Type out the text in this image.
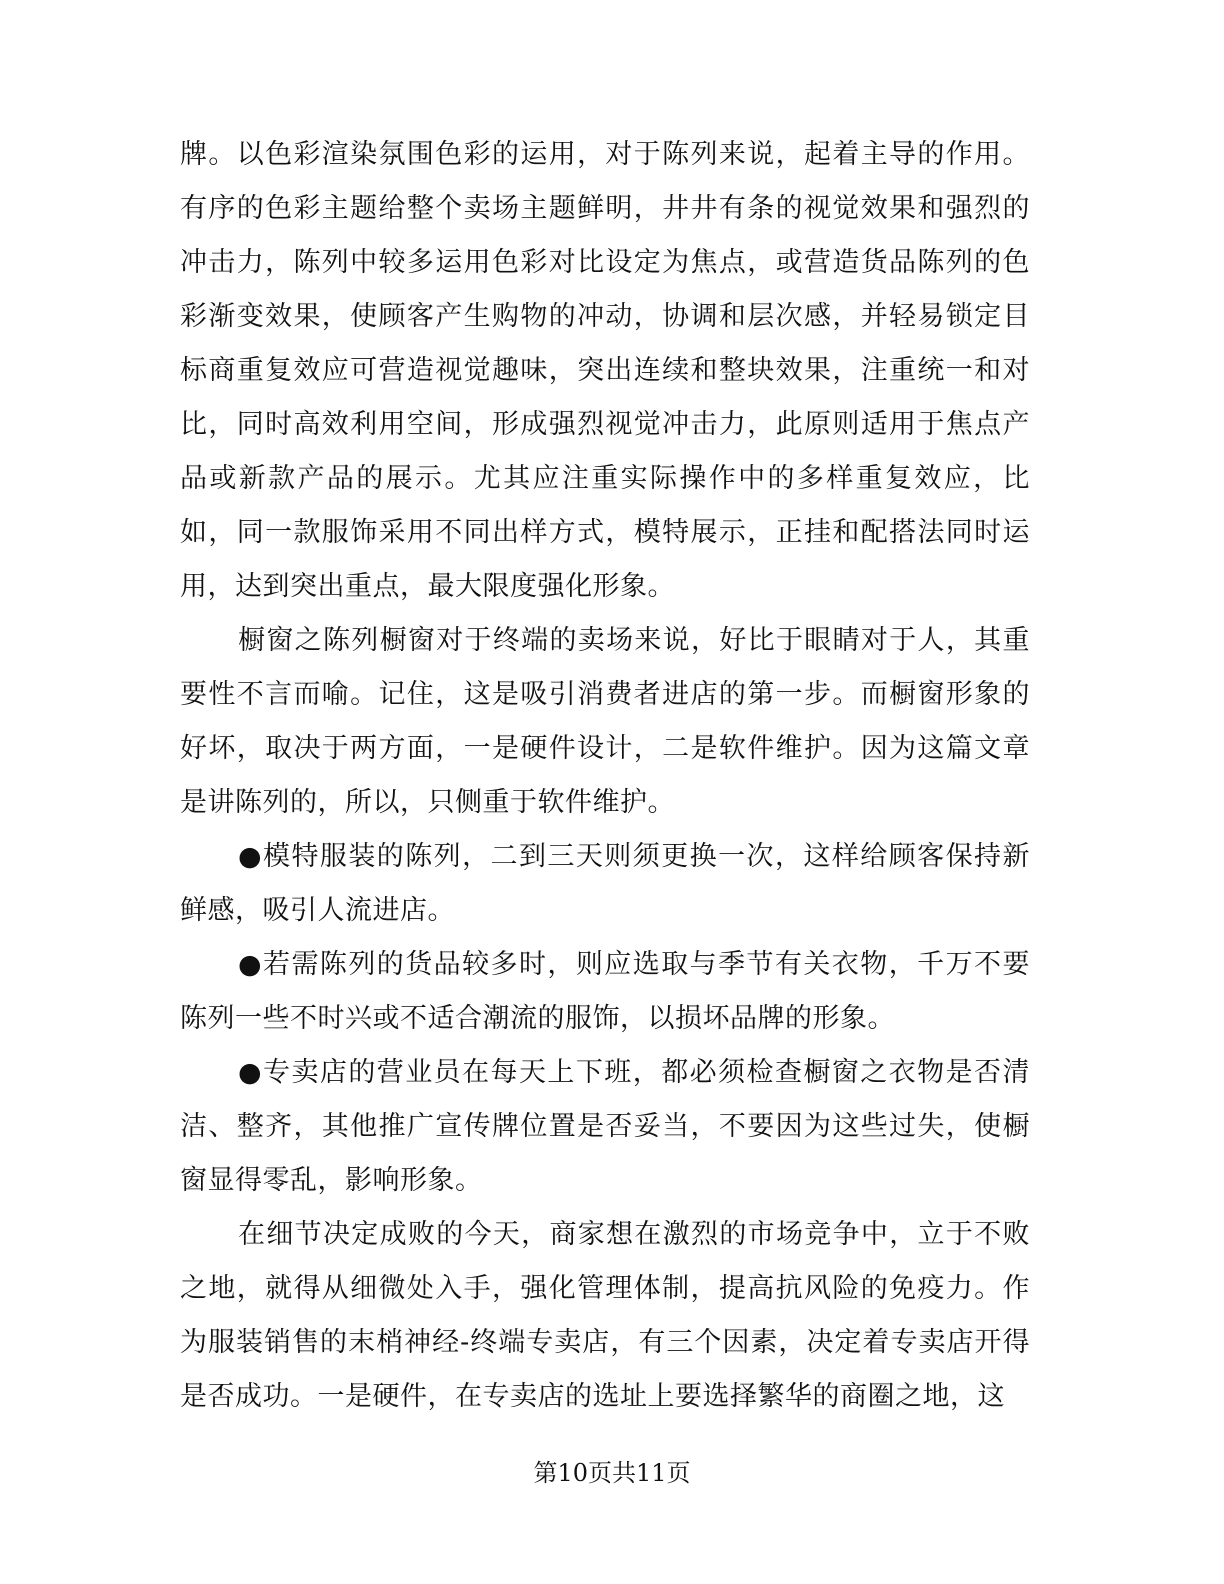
牌。以色彩渲染氛围色彩的运用，对于陈列来说，起着主导的作用。有序的色彩主题给整个卖场主题鲜明，井井有条的视觉效果和强烈的冲击力，陈列中较多运用色彩对比设定为焦点，或营造货品陈列的色彩渐变效果，使顾客产生购物的冲动，协调和层次感，并轻易锁定目标商重复效应可营造视觉趣味，突出连续和整块效果，注重统一和对比，同时高效利用空间，形成强烈视觉冲击力，此原则适用于焦点产品或新款产品的展示。尤其应注重实际操作中的多样重复效应，比如，同一款服饰采用不同出样方式，模特展示，正挂和配搭法同时运用，达到突出重点，最大限度强化形象。

橱窗之陈列橱窗对于终端的卖场来说，好比于眼睛对于人，其重要性不言而喻。记住，这是吸引消费者进店的第一步。而橱窗形象的好坏，取决于两方面，一是硬件设计，二是软件维护。因为这篇文章是讲陈列的，所以，只侧重于软件维护。

●模特服装的陈列，二到三天则须更换一次，这样给顾客保持新鲜感，吸引人流进店。

●若需陈列的货品较多时，则应选取与季节有关衣物，千万不要陈列一些不时兴或不适合潮流的服饰，以损坏品牌的形象。

●专卖店的营业员在每天上下班，都必须检查橱窗之衣物是否清洁、整齐，其他推广宣传牌位置是否妥当，不要因为这些过失，使橱窗显得零乱，影响形象。

在细节决定成败的今天，商家想在激烈的市场竞争中，立于不败之地，就得从细微处入手，强化管理体制，提高抗风险的免疫力。作为服装销售的末梢神经-终端专卖店，有三个因素，决定着专卖店开得是否成功。一是硬件，在专卖店的选址上要选择繁华的商圈之地，这

第10页共11页
